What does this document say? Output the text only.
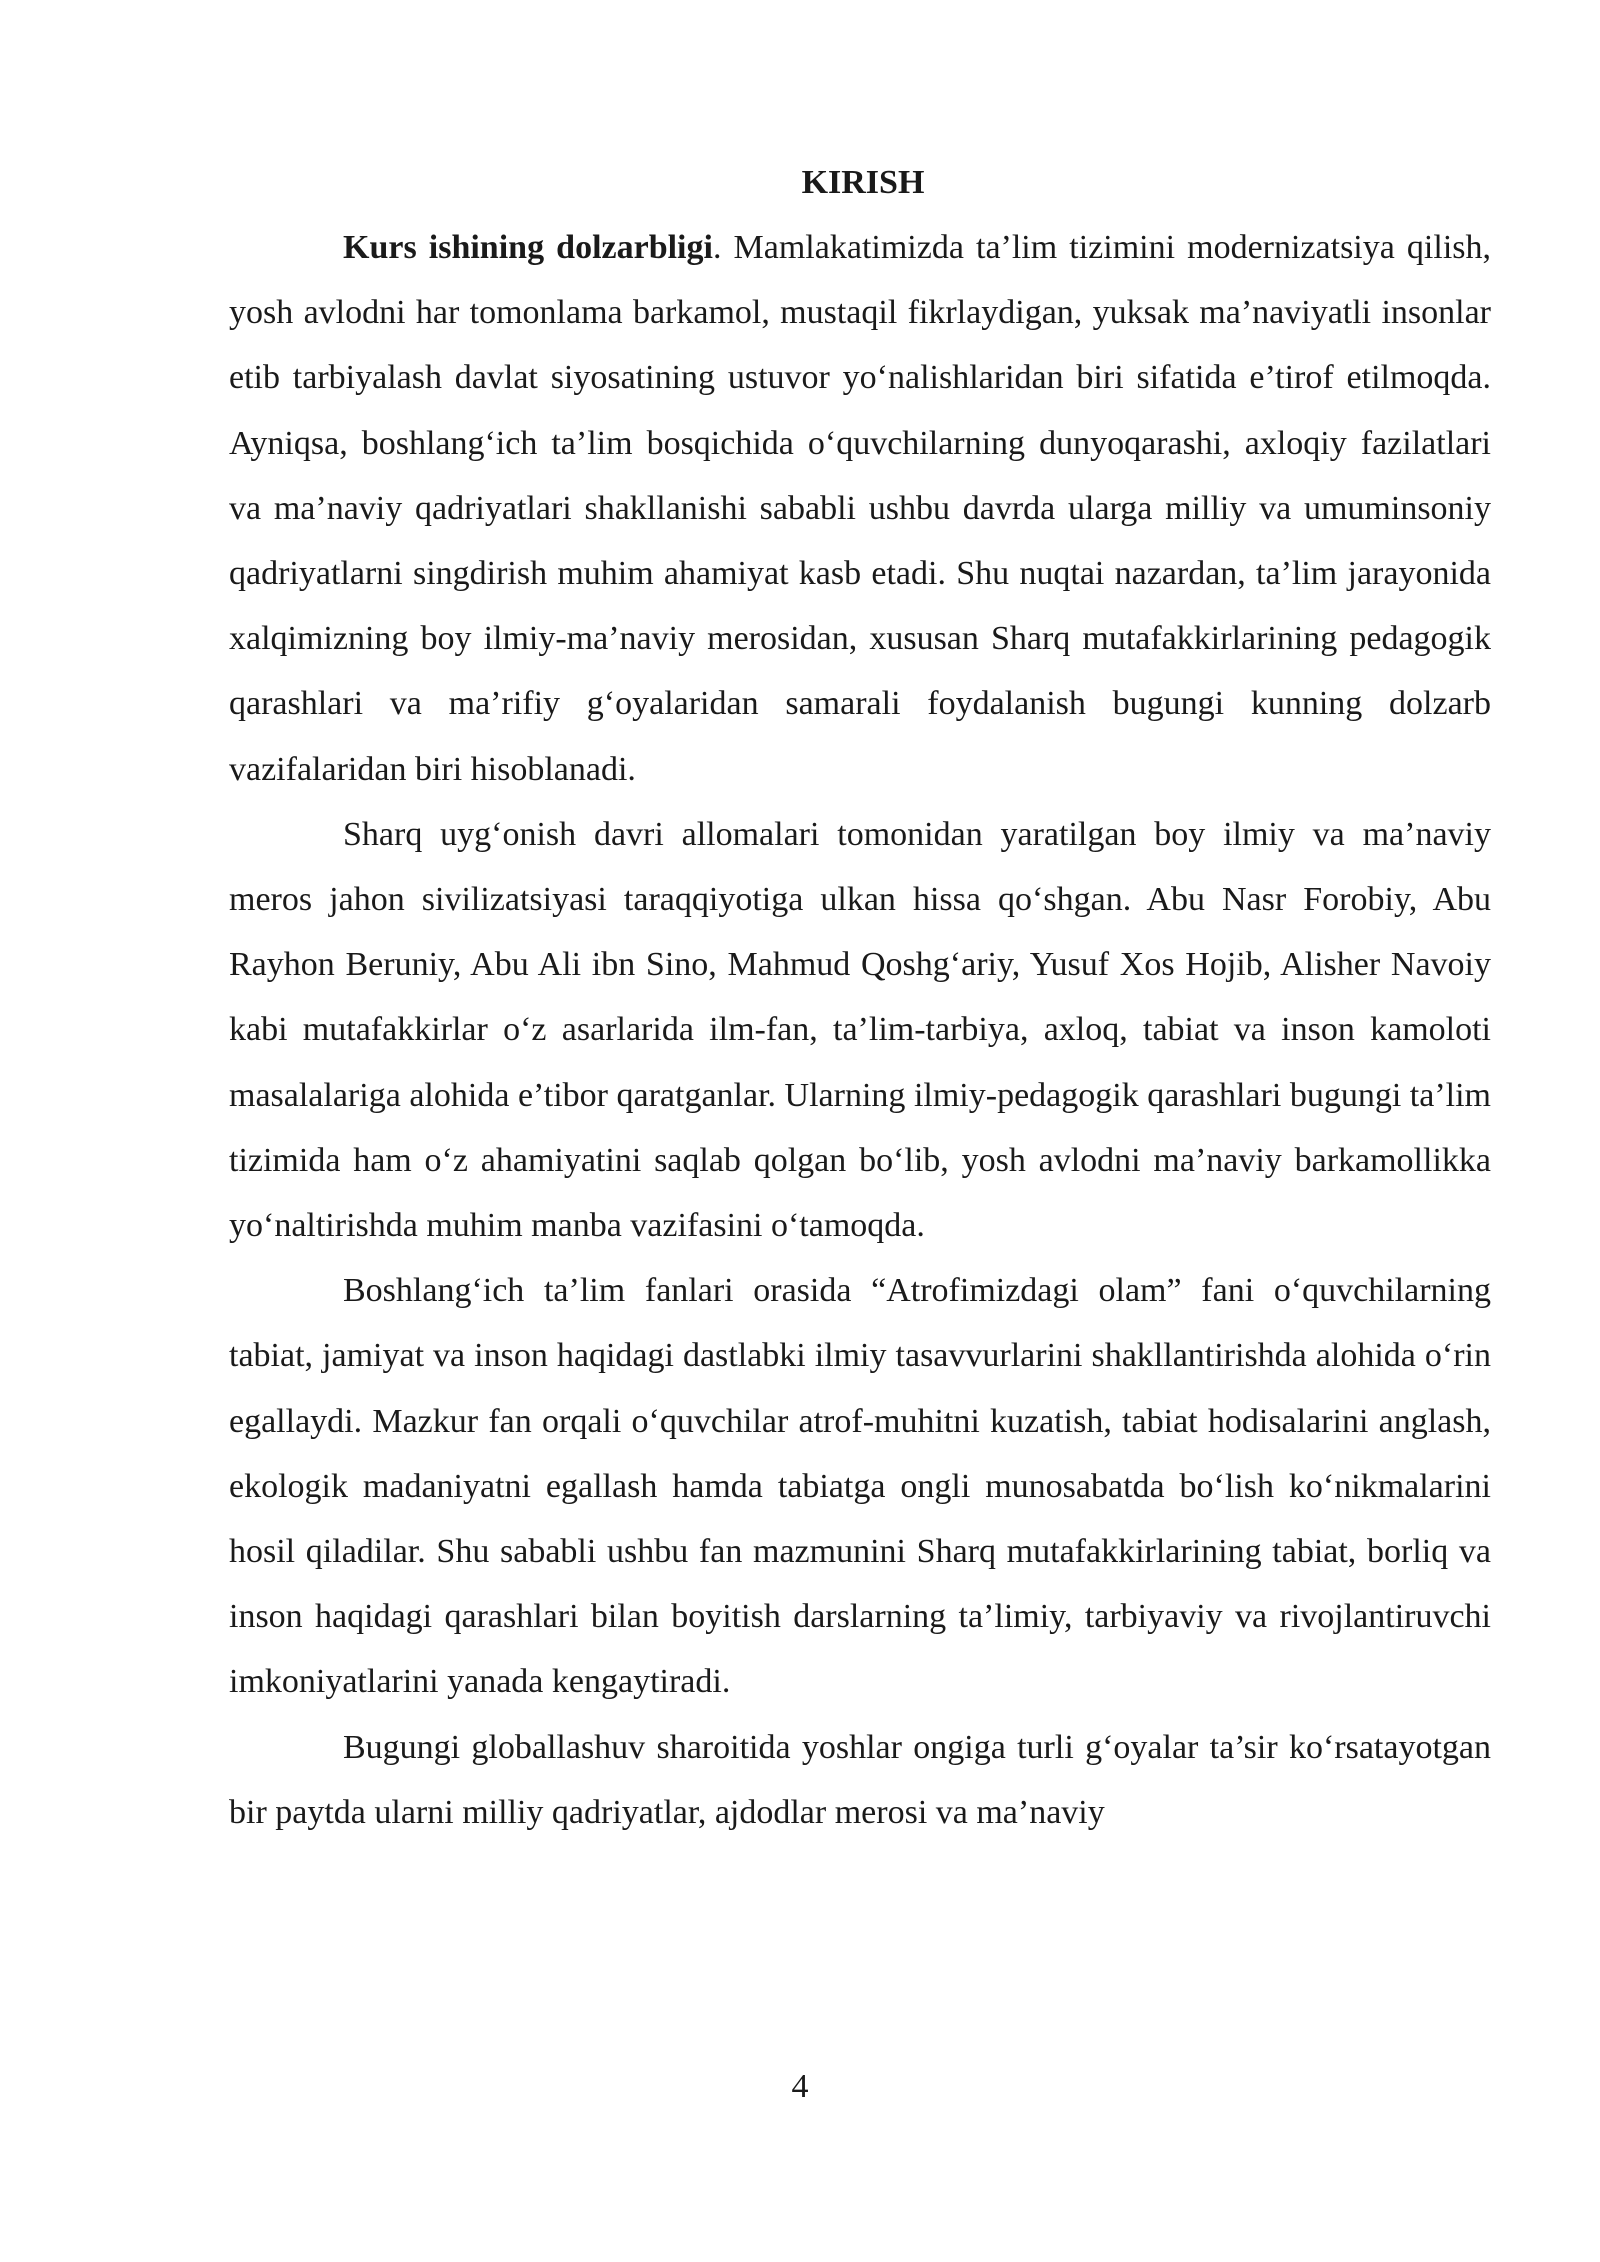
KIRISH

Kurs ishining dolzarbligi. Mamlakatimizda ta’lim tizimini modernizatsiya qilish, yosh avlodni har tomonlama barkamol, mustaqil fikrlaydigan, yuksak ma’naviyatli insonlar etib tarbiyalash davlat siyosatining ustuvor yo‘nalishlaridan biri sifatida e’tirof etilmoqda. Ayniqsa, boshlang‘ich ta’lim bosqichida o‘quvchilarning dunyoqarashi, axloqiy fazilatlari va ma’naviy qadriyatlari shakllanishi sababli ushbu davrda ularga milliy va umuminsoniy qadriyatlarni singdirish muhim ahamiyat kasb etadi. Shu nuqtai nazardan, ta’lim jarayonida xalqimizning boy ilmiy-ma’naviy merosidan, xususan Sharq mutafakkirlarining pedagogik qarashlari va ma’rifiy g‘oyalaridan samarali foydalanish bugungi kunning dolzarb vazifalaridan biri hisoblanadi.

Sharq uyg‘onish davri allomalari tomonidan yaratilgan boy ilmiy va ma’naviy meros jahon sivilizatsiyasi taraqqiyotiga ulkan hissa qo‘shgan. Abu Nasr Forobiy, Abu Rayhon Beruniy, Abu Ali ibn Sino, Mahmud Qoshg‘ariy, Yusuf Xos Hojib, Alisher Navoiy kabi mutafakkirlar o‘z asarlarida ilm-fan, ta’lim-tarbiya, axloq, tabiat va inson kamoloti masalalariga alohida e’tibor qaratganlar. Ularning ilmiy-pedagogik qarashlari bugungi ta’lim tizimida ham o‘z ahamiyatini saqlab qolgan bo‘lib, yosh avlodni ma’naviy barkamollikka yo‘naltirishda muhim manba vazifasini o‘tamoqda.

Boshlang‘ich ta’lim fanlari orasida “Atrofimizdagi olam” fani o‘quvchilarning tabiat, jamiyat va inson haqidagi dastlabki ilmiy tasavvurlarini shakllantirishda alohida o‘rin egallaydi. Mazkur fan orqali o‘quvchilar atrof-muhitni kuzatish, tabiat hodisalarini anglash, ekologik madaniyatni egallash hamda tabiatga ongli munosabatda bo‘lish ko‘nikmalarini hosil qiladilar. Shu sababli ushbu fan mazmunini Sharq mutafakkirlarining tabiat, borliq va inson haqidagi qarashlari bilan boyitish darslarning ta’limiy, tarbiyaviy va rivojlantiruvchi imkoniyatlarini yanada kengaytiradi.

Bugungi globallashuv sharoitida yoshlar ongiga turli g‘oyalar ta’sir ko‘rsatayotgan bir paytda ularni milliy qadriyatlar, ajdodlar merosi va ma’naviy

4
